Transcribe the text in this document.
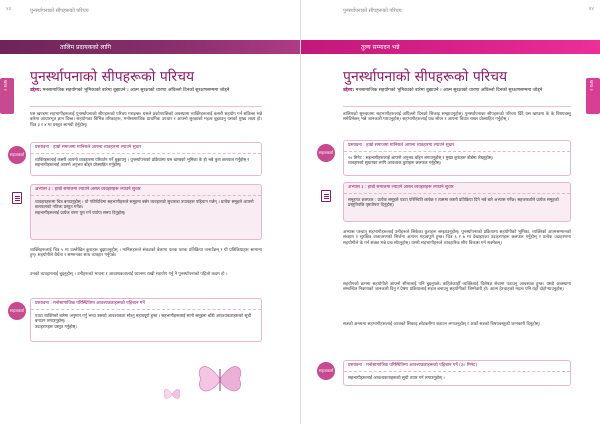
४३	पुनर्स्थापनाको सीपहरूको परिचय
तालिम प्रदायकको लागि
खण्ड २
पुनर्स्थापनाको सीपहरूको परिचय
उद्देश्य: मनसामाजिक सहयोगको भूमिकाको बारेमा बुझाउने ‌। आत्म सुरक्षाको धारणा अघिल्लो दिनको सुरक्षणसम्ममा जोड्ने
यस खण्डमा सहभागीहरूलाई पुनर्स्थापनाको सीपहरूको परिचय गराइन्छ। यसले प्रकोपपछिको अवस्थामा व्यक्तिहरूलाई कसरी सहयोग गर्न सकिन्छ भन्ने बारेमा आधारभूत ज्ञान दिन्छ। सहयोगका विभिन्न तरिकाहरू, मनोसामाजिक प्राथमिक उपचार र आफ्नो सुरक्षाको महत्व बुझाउनु यसको मुख्य लक्ष्य हो। चित्र ३ र ४ मा प्रस्तुत सामग्री हेर्नुहोस्।
सहजकर्ता
प्रस्तावना : हाम्रो समाजमा मानिसले आफ्ना व्यवहारमा ल्याउने सुधार
व्यक्तिहरूलाई कसरी आफ्नो व्यवहारमा परिवर्तन गर्ने बुझाउनु । पुनर्स्थापनाको प्रक्रियामा यस खण्डको भूमिका के हो भन्ने कुरा छलफल गर्नुहोस् र सहभागीहरूलाई आफ्नो अनुभव बाँड्न प्रोत्साहित गर्नुहोस्।
अभ्यास ३ : हाम्रो समाजमा ल्याउने असल व्यवहारहरू ल्याउने सुधार
व्यवहारहरूमा चित्र बनाउनुहोस् । यो गतिविधिमा सहभागीहरूले समूहमा बसेर व्यवहारको सुधारका उपायहरू पहिचान गर्छन् । प्रत्येक समूहले आफ्नो छलफलको नतिजा प्रस्तुत गर्नेछ।
सहभागीहरूलाई प्रत्येक चरण पूरा गर्न पर्याप्त समय दिनुहोस्।
व्यक्तिहरूलाई चित्र ५ मा उल्लेखित कुराहरू बुझाउनुहोस् । मानिसहरूले संकटको बेलामा फरक फरक प्रतिक्रिया जनाउँछन् र यी प्रतिक्रियाहरू सामान्य हुन्। सहयोगीले धैर्यता र सम्मानका साथ व्यवहार गर्नुपर्छ।
उनको व्यवहारलाई बुझ्नुहोस् । उनीहरूको भावना र आवश्यकतालाई ध्यानमा राखी सहयोग गर्नु नै पुनर्स्थापनाको पहिलो कदम हो ।
सहजकर्ता
प्रस्तावना : मनोसामाजिक परिस्थितिमा आवश्यकताहरूको पहिचान गर्ने
एउटा व्यक्तिको बारेमा अनुमान गर्नु भन्दा उसको आवश्यकता सोध्नु महत्वपूर्ण हुन्छ । सहभागीहरूलाई सानो समूहमा बाँडी आवश्यकताहरूको सूची बनाउन लगाउनुहोस्।
उदाहरणहरू प्रस्तुत गर्नुहोस्।
४४
पुनर्स्थापनाको सीपहरूको परिचय
तुल्य सम्पादन भन्ने
खण्ड २
पुनर्स्थापनाको सीपहरूको परिचय
उद्देश्य: मनसामाजिक सहयोगको भूमिकाको बारेमा बुझाउने ‌। आत्म सुरक्षाको धारणा अघिल्लो दिनको सुरक्षणसम्ममा जोड्ने
तालिमको सुरुवातमा सहभागीहरूलाई अघिल्लो दिनको सिकाइ सम्झाउनुहोस्। पुनर्स्थापनाका सीपहरूको परिचय दिँदै यस खण्डमा के के विषयवस्तु समेटिनेछन् भन्ने जानकारी गराउनुहोस्। सहभागीहरूलाई प्रश्न सोध्न र आफ्ना विचार राख्न प्रोत्साहित गर्नुहोस् ।
सहजकर्ता
प्रस्तावना : हाम्रो समाजमा मानिसले आफ्ना व्यवहारमा ल्याउने सुधार
१० मिनेट : सहभागीहरूलाई आफ्नो अनुभव बाँड्न लगाउनुहोस् र मुख्य कुराहरू बोर्डमा लेख्नुहोस्।
व्यवहारको सुधारका लागि आवश्यक कुराहरू छलफल गर्नुहोस्।
अभ्यास ३ : हाम्रो समाजमा ल्याउने असल व्यवहारहरू ल्याउने सुधार
समूहगत छलफल : प्रत्येक समूहले एउटा परिस्थिति छान्नेछ र त्यसमा कस्तो प्रतिक्रिया दिने भन्ने बारे अभ्यास गर्नेछ। सहजकर्ताले प्रत्येक समूहको प्रस्तुतिपछि पृष्ठपोषण दिनुहोस्।
अभ्यास पश्चात् सहभागीहरूलाई उनीहरूले सिकेका कुराहरू सम्झाउनुहोस्। पुनर्स्थापनाको प्रक्रियामा सहयोगीको भूमिका, व्यक्तिको आत्मसम्मानको संरक्षण र सुरक्षित वातावरणको सिर्जना अत्यन्त महत्वपूर्ण हुन्छ। चित्र ६ र ७ मा देखाइएका उदाहरणहरू छलफल गर्नुहोस् र प्रत्येक उदाहरणमा सहयोगीले के गर्न सक्छ भन्ने प्रश्न सोध्नुहोस्। यसरी सहभागीहरूले व्यवहारिक सीप विकास गर्न सक्नेछन्।
सहयोगको क्रममा सहयोगीले आफ्नो सीमालाई पनि बुझ्नुपर्छ। कहिलेकाहीँ व्यक्तिलाई विशेषज्ञ सेवामा पठाउनु आवश्यक हुन्छ। यस्तो अवस्थामा सम्बन्धित निकायको जानकारी दिनु र प्रेषण प्रक्रियालाई सहज बनाउनु सहयोगीको जिम्मेवारी हो। आत्म हेरचाहको महत्व पनि यहाँ दोहोर्‍याउनुहोस्।
सत्रको अन्त्यमा सहभागीहरूलाई आजको सिकाइ छोटकरीमा बताउन लगाउनुहोस् र अर्को सत्रको विषयवस्तुको जानकारी दिनुहोस्।
सहजकर्ता
प्रस्तावना : मनोसामाजिक परिस्थितिमा आवश्यकताहरूको पहिचान गर्ने (३० मिनेट)
सहभागीहरूलाई आवश्यकताहरूको सूची तयार गर्न लगाउनुहोस् ।
